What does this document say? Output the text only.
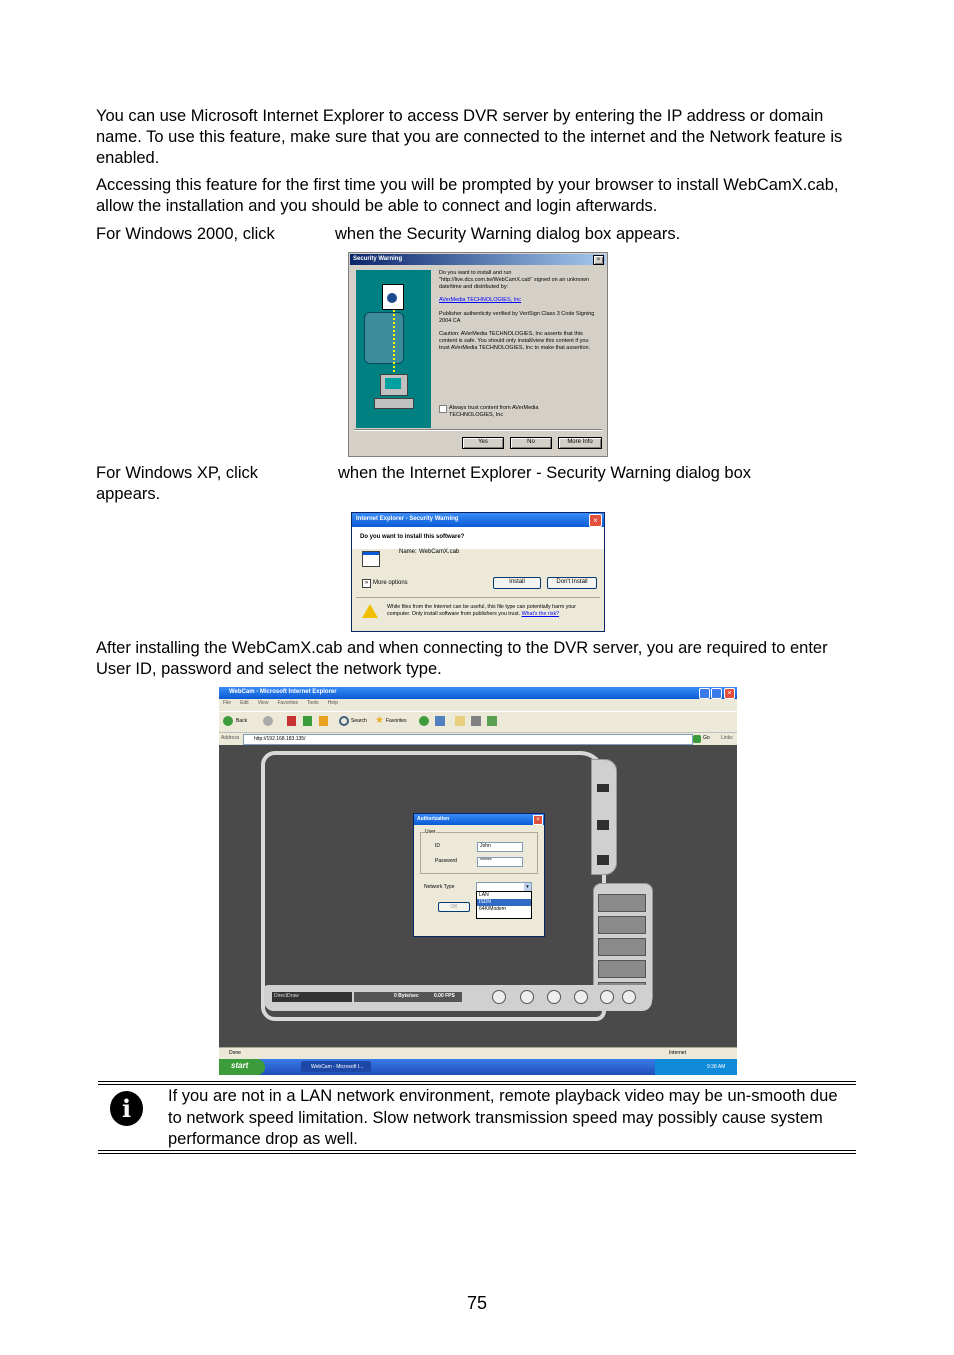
You can use Microsoft Internet Explorer to access DVR server by entering the IP address or domain name. To use this feature, make sure that you are connected to the internet and the Network feature is enabled.

Accessing this feature for the first time you will be prompted by your browser to install WebCamX.cab, allow the installation and you should be able to connect and login afterwards.

For Windows 2000, click	when the Security Warning dialog box appears.
Security Warning	×
Do you want to install and run "http://live.dcs.com.tw/WebCamX.cab" signed on an unknown date/time and distributed by:
AVerMedia TECHNOLOGIES, Inc
Publisher authenticity verified by VeriSign Class 3 Code Signing 2004 CA
Caution: AVerMedia TECHNOLOGIES, Inc asserts that this content is safe. You should only install/view this content if you trust AVerMedia TECHNOLOGIES, Inc to make that assertion.
Always trust content from AVerMedia TECHNOLOGIES, Inc
Yes	No	More Info
For Windows XP, click	when the Internet Explorer - Security Warning dialog box

appears.
Internet Explorer - Security Warning	×
Do you want to install this software?
Name: WebCamX.cab
» More options	Install	Don't Install
While files from the Internet can be useful, this file type can potentially harm your computer. Only install software from publishers you trust. What's the risk?

After installing the WebCamX.cab and when connecting to the DVR server, you are required to enter User ID, password and select the network type.

WebCam - Microsoft Internet Explorer	×
File Edit View Favorites Tools Help
Back	Search ★ Favorites
Address	http://192.168.183.135/	Go Links
DirectDraw	0 Byte/sec	0.00 FPS
Authorization	×
User
ID	John
Password	******
Network Type	▾
LAN
ISDN
64K/Modem
OK
Done	Internet
start	WebCam - Microsoft I...	9:38 AM
i	If you are not in a LAN network environment, remote playback video may be un-smooth due to network speed limitation. Slow network transmission speed may possibly cause system performance drop as well.

75
